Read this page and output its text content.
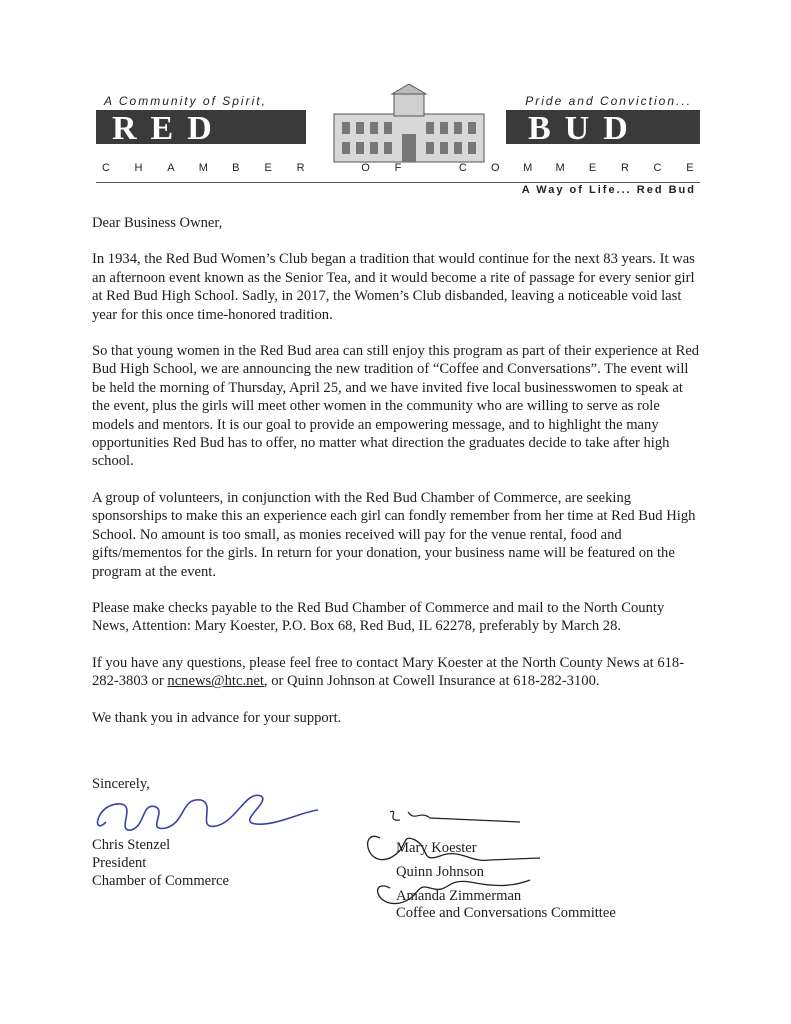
A Community of Spirit,	Pride and Conviction...
RED	BUD
C	H	A	M	B	E	R	O	F	C	O	M	M	E	R	C	E
A Way of Life... Red Bud

Dear Business Owner,

In 1934, the Red Bud Women’s Club began a tradition that would continue for the next 83 years. It was an afternoon event known as the Senior Tea, and it would become a rite of passage for every senior girl at Red Bud High School. Sadly, in 2017, the Women’s Club disbanded, leaving a noticeable void last year for this once time-honored tradition.

So that young women in the Red Bud area can still enjoy this program as part of their experience at Red Bud High School, we are announcing the new tradition of “Coffee and Conversations”. The event will be held the morning of Thursday, April 25, and we have invited five local businesswomen to speak at the event, plus the girls will meet other women in the community who are willing to serve as role models and mentors. It is our goal to provide an empowering message, and to highlight the many opportunities Red Bud has to offer, no matter what direction the graduates decide to take after high school.

A group of volunteers, in conjunction with the Red Bud Chamber of Commerce, are seeking sponsorships to make this an experience each girl can fondly remember from her time at Red Bud High School. No amount is too small, as monies received will pay for the venue rental, food and gifts/mementos for the girls. In return for your donation, your business name will be featured on the program at the event.

Please make checks payable to the Red Bud Chamber of Commerce and mail to the North County News, Attention: Mary Koester, P.O. Box 68, Red Bud, IL 62278, preferably by March 28.

If you have any questions, please feel free to contact Mary Koester at the North County News at 618-282-3803 or ncnews@htc.net, or Quinn Johnson at Cowell Insurance at 618-282-3100.

We thank you in advance for your support.

Sincerely,
Chris Stenzel
President
Chamber of Commerce
Mary Koester
Quinn Johnson
Amanda Zimmerman
Coffee and Conversations Committee
